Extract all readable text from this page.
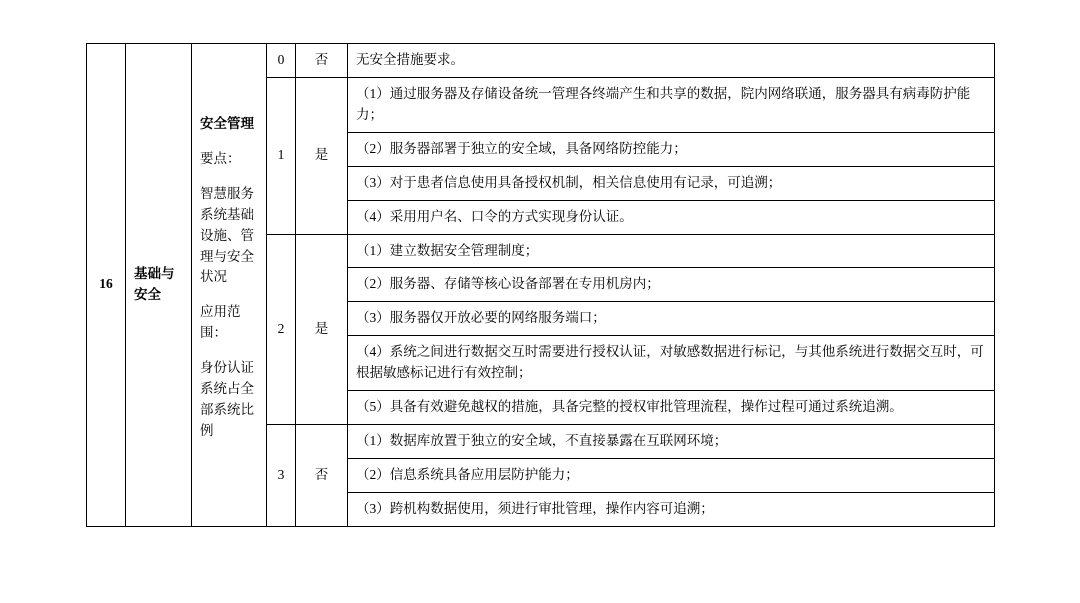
16	基础与安全	安全管理
要点：
智慧服务系统基础设施、管理与安全状况
应用范围：
身份认证系统占全部系统比例	0	否	无安全措施要求。
			1	是	（1）通过服务器及存储设备统一管理各终端产生和共享的数据，院内网络联通，服务器具有病毒防护能力；
					（2）服务器部署于独立的安全域，具备网络防控能力；
					（3）对于患者信息使用具备授权机制，相关信息使用有记录，可追溯；
					（4）采用用户名、口令的方式实现身份认证。
			2	是	（1）建立数据安全管理制度；
					（2）服务器、存储等核心设备部署在专用机房内；
					（3）服务器仅开放必要的网络服务端口；
					（4）系统之间进行数据交互时需要进行授权认证，对敏感数据进行标记，与其他系统进行数据交互时，可根据敏感标记进行有效控制；
					（5）具备有效避免越权的措施，具备完整的授权审批管理流程，操作过程可通过系统追溯。
			3	否	（1）数据库放置于独立的安全域，不直接暴露在互联网环境；
					（2）信息系统具备应用层防护能力；
					（3）跨机构数据使用，须进行审批管理，操作内容可追溯；
